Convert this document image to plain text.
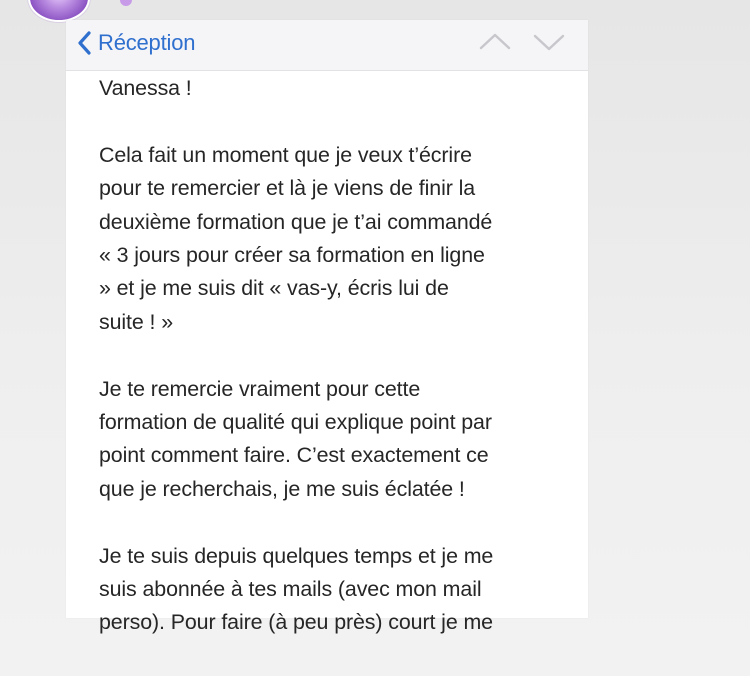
Réception

Vanessa !

Cela fait un moment que je veux t’écrire
pour te remercier et là je viens de finir la
deuxième formation que je t’ai commandé
« 3 jours pour créer sa formation en ligne
» et je me suis dit « vas-y, écris lui de
suite ! »

Je te remercie vraiment pour cette
formation de qualité qui explique point par
point comment faire. C’est exactement ce
que je recherchais, je me suis éclatée !

Je te suis depuis quelques temps et je me
suis abonnée à tes mails (avec mon mail
perso). Pour faire (à peu près) court je me
